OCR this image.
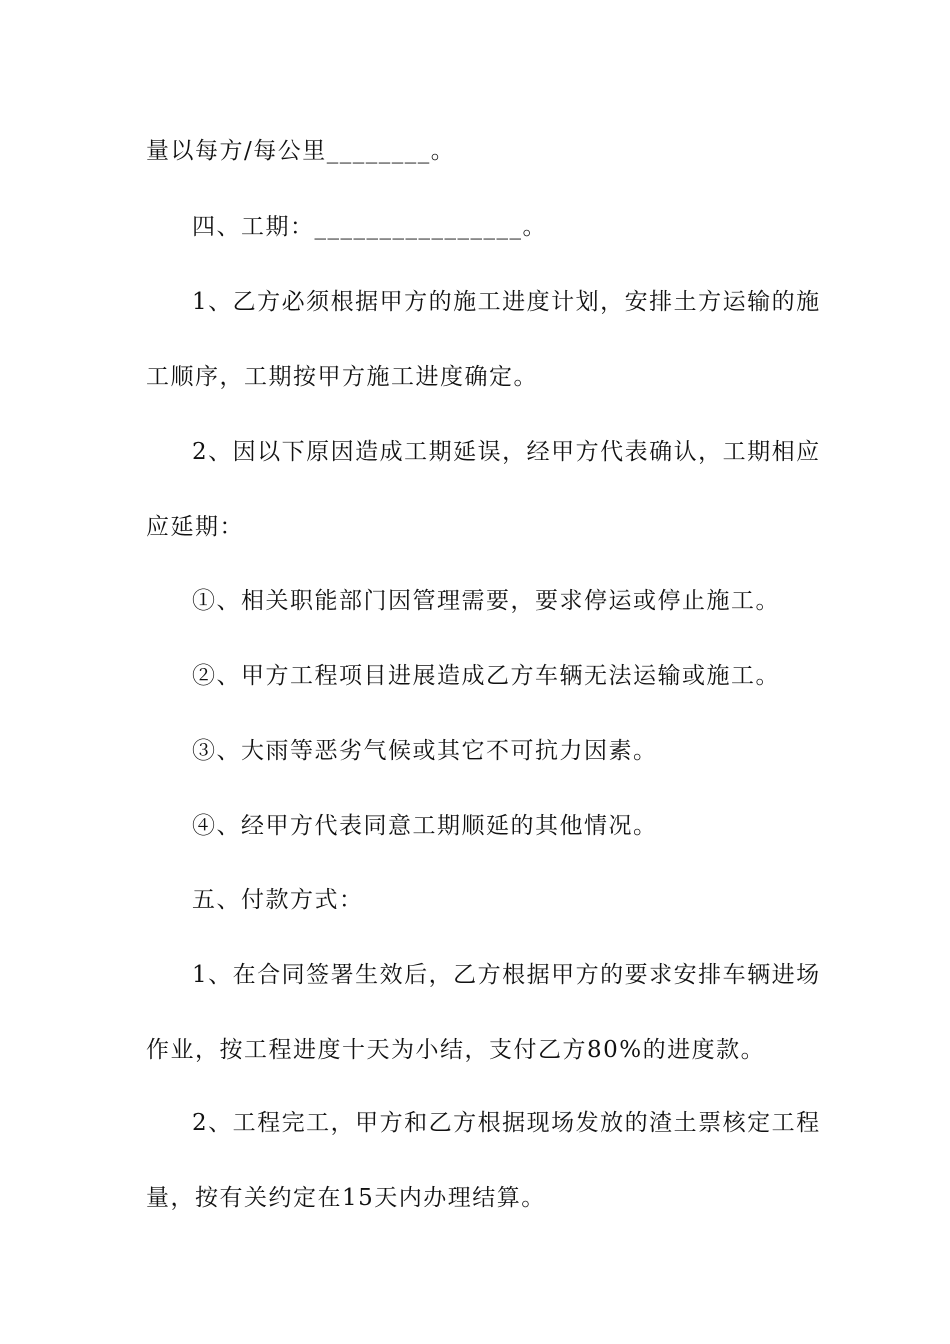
量以每方/每公里________。

四、工期：________________。

1、乙方必须根据甲方的施工进度计划，安排土方运输的施

工顺序，工期按甲方施工进度确定。

2、因以下原因造成工期延误，经甲方代表确认，工期相应

应延期：

①、相关职能部门因管理需要，要求停运或停止施工。

②、甲方工程项目进展造成乙方车辆无法运输或施工。

③、大雨等恶劣气候或其它不可抗力因素。

④、经甲方代表同意工期顺延的其他情况。

五、付款方式：

1、在合同签署生效后，乙方根据甲方的要求安排车辆进场

作业，按工程进度十天为小结，支付乙方80%的进度款。

2、工程完工，甲方和乙方根据现场发放的渣土票核定工程

量，按有关约定在15天内办理结算。
